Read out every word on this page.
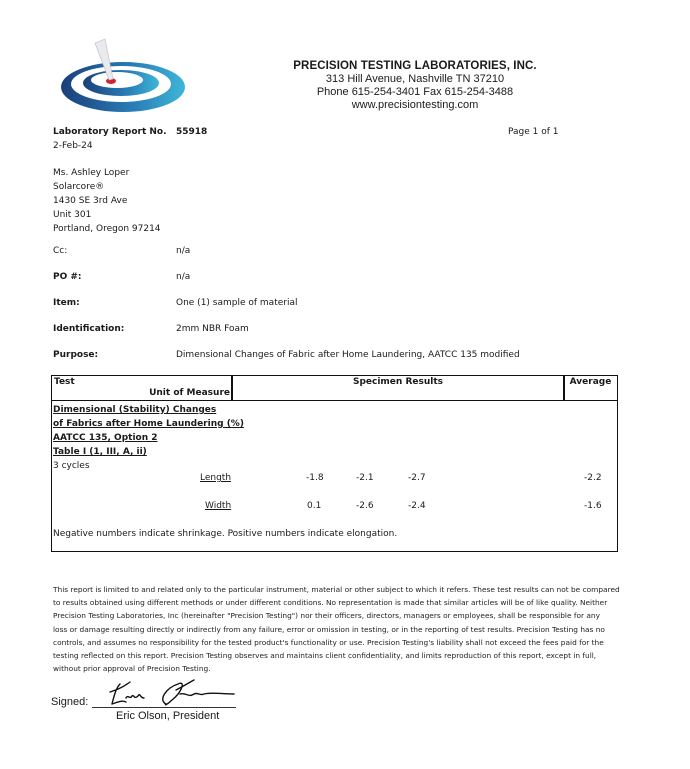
PRECISION TESTING LABORATORIES, INC.
313 Hill Avenue, Nashville TN 37210
Phone 615-254-3401 Fax 615-254-3488
www.precisiontesting.com
Laboratory Report No. 55918	Page 1 of 1
2-Feb-24
Ms. Ashley Loper
Solarcore®
1430 SE 3rd Ave
Unit 301
Portland, Oregon 97214
Cc:	n/a
PO #:	n/a
Item:	One (1) sample of material
Identification:	2mm NBR Foam
Purpose:	Dimensional Changes of Fabric after Home Laundering, AATCC 135 modified
Test
Unit of Measure
Specimen Results	Average
Dimensional (Stability) Changes
of Fabrics after Home Laundering (%)
AATCC 135, Option 2
Table I (1, III, A, ii)
3 cycles
Length	-1.8	-2.1	-2.7	-2.2
Width	0.1	-2.6	-2.4	-1.6
Negative numbers indicate shrinkage. Positive numbers indicate elongation.
This report is limited to and related only to the particular instrument, material or other subject to which it refers. These test results can not be compared
to results obtained using different methods or under different conditions. No representation is made that similar articles will be of like quality. Neither
Precision Testing Laboratories, Inc (hereinafter "Precision Testing") nor their officers, directors, managers or employees, shall be responsible for any
loss or damage resulting directly or indirectly from any failure, error or omission in testing, or in the reporting of test results. Precision Testing has no
controls, and assumes no responsibility for the tested product's functionality or use. Precision Testing's liability shall not exceed the fees paid for the
testing reflected on this report. Precision Testing observes and maintains client confidentiality, and limits reproduction of this report, except in full,
without prior approval of Precision Testing.
Signed:
Eric Olson, President
